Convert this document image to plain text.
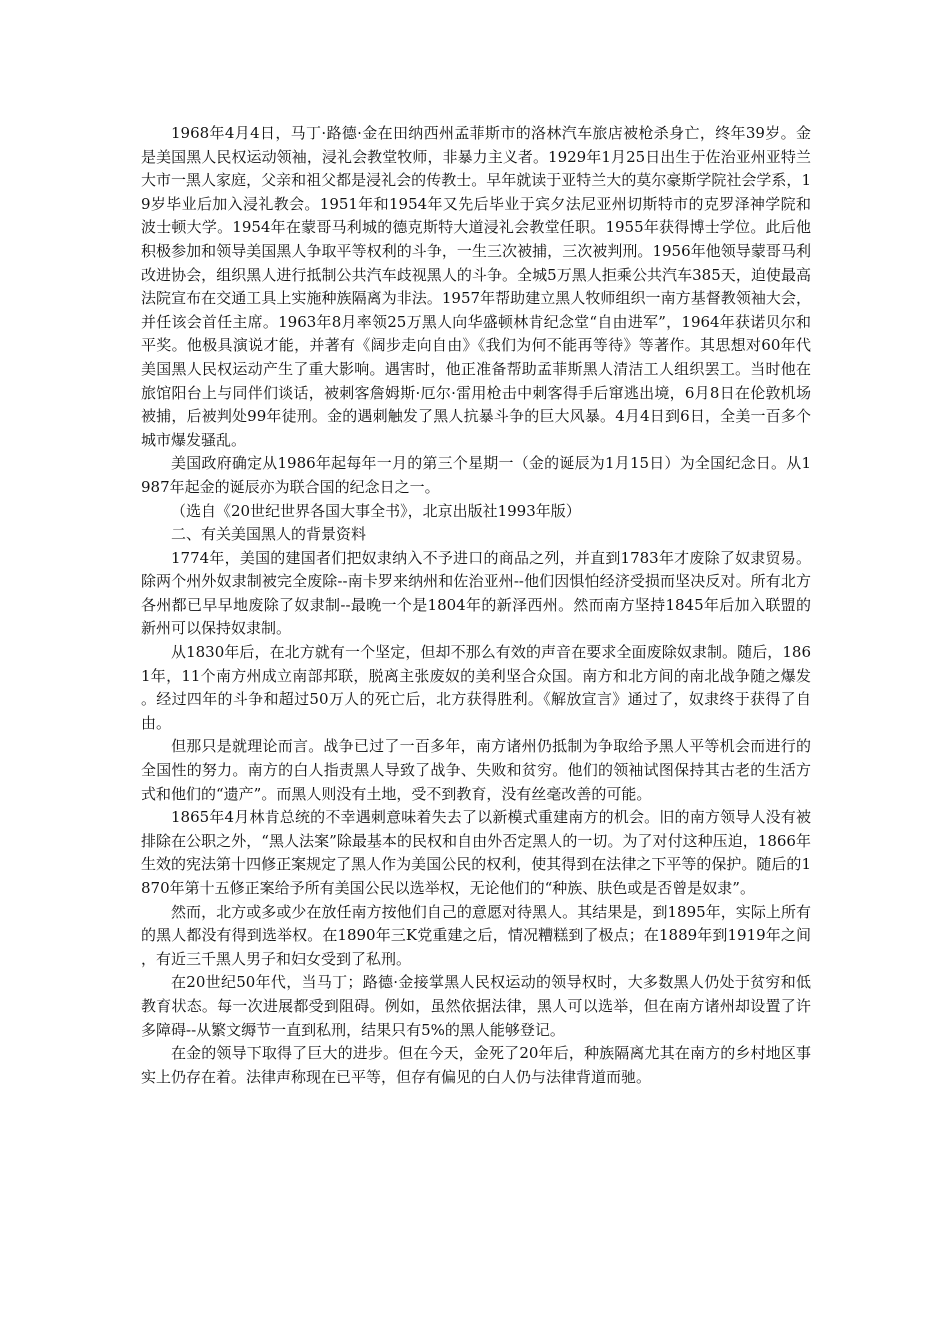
1968年4月4日，马丁·路德·金在田纳西州孟菲斯市的洛林汽车旅店被枪杀身亡，终年39岁。金是美国黑人民权运动领袖，浸礼会教堂牧师，非暴力主义者。1929年1月25日出生于佐治亚州亚特兰大市一黑人家庭，父亲和祖父都是浸礼会的传教士。早年就读于亚特兰大的莫尔豪斯学院社会学系，19岁毕业后加入浸礼教会。1951年和1954年又先后毕业于宾夕法尼亚州切斯特市的克罗泽神学院和波士顿大学。1954年在蒙哥马利城的德克斯特大道浸礼会教堂任职。1955年获得博士学位。此后他积极参加和领导美国黑人争取平等权利的斗争，一生三次被捕，三次被判刑。1956年他领导蒙哥马利改进协会，组织黑人进行抵制公共汽车歧视黑人的斗争。全城5万黑人拒乘公共汽车385天，迫使最高法院宣布在交通工具上实施种族隔离为非法。1957年帮助建立黑人牧师组织一南方基督教领袖大会，并任该会首任主席。1963年8月率领25万黑人向华盛顿林肯纪念堂“自由进军”，1964年获诺贝尔和平奖。他极具演说才能，并著有《阔步走向自由》《我们为何不能再等待》等著作。其思想对60年代美国黑人民权运动产生了重大影响。遇害时，他正准备帮助孟菲斯黑人清洁工人组织罢工。当时他在旅馆阳台上与同伴们谈话，被刺客詹姆斯·厄尔·雷用枪击中刺客得手后窜逃出境，6月8日在伦敦机场被捕，后被判处99年徒刑。金的遇刺触发了黑人抗暴斗争的巨大风暴。4月4日到6日，全美一百多个城市爆发骚乱。

美国政府确定从1986年起每年一月的第三个星期一（金的诞辰为1月15日）为全国纪念日。从1987年起金的诞辰亦为联合国的纪念日之一。

（选自《20世纪世界各国大事全书》，北京出版社1993年版）

二、有关美国黑人的背景资料

1774年，美国的建国者们把奴隶纳入不予进口的商品之列，并直到1783年才废除了奴隶贸易。除两个州外奴隶制被完全废除--南卡罗来纳州和佐治亚州--他们因惧怕经济受损而坚决反对。所有北方各州都已早早地废除了奴隶制--最晚一个是1804年的新泽西州。然而南方坚持1845年后加入联盟的新州可以保持奴隶制。

从1830年后，在北方就有一个坚定，但却不那么有效的声音在要求全面废除奴隶制。随后，1861年，11个南方州成立南部邦联，脱离主张废奴的美利坚合众国。南方和北方间的南北战争随之爆发。经过四年的斗争和超过50万人的死亡后，北方获得胜利。《解放宣言》通过了，奴隶终于获得了自由。

但那只是就理论而言。战争已过了一百多年，南方诸州仍抵制为争取给予黑人平等机会而进行的全国性的努力。南方的白人指责黑人导致了战争、失败和贫穷。他们的领袖试图保持其古老的生活方式和他们的“遗产”。而黑人则没有土地，受不到教育，没有丝毫改善的可能。

1865年4月林肯总统的不幸遇刺意味着失去了以新模式重建南方的机会。旧的南方领导人没有被排除在公职之外，“黑人法案”除最基本的民权和自由外否定黑人的一切。为了对付这种压迫，1866年生效的宪法第十四修正案规定了黑人作为美国公民的权利，使其得到在法律之下平等的保护。随后的1870年第十五修正案给予所有美国公民以选举权，无论他们的“种族、肤色或是否曾是奴隶”。

然而，北方或多或少在放任南方按他们自己的意愿对待黑人。其结果是，到1895年，实际上所有的黑人都没有得到选举权。在1890年三K党重建之后，情况糟糕到了极点；在1889年到1919年之间，有近三千黑人男子和妇女受到了私刑。

在20世纪50年代，当马丁；路德·金接掌黑人民权运动的领导权时，大多数黑人仍处于贫穷和低教育状态。每一次进展都受到阻碍。例如，虽然依据法律，黑人可以选举，但在南方诸州却设置了许多障碍--从繁文缛节一直到私刑，结果只有5%的黑人能够登记。

在金的领导下取得了巨大的进步。但在今天，金死了20年后，种族隔离尤其在南方的乡村地区事实上仍存在着。法律声称现在已平等，但存有偏见的白人仍与法律背道而驰。
